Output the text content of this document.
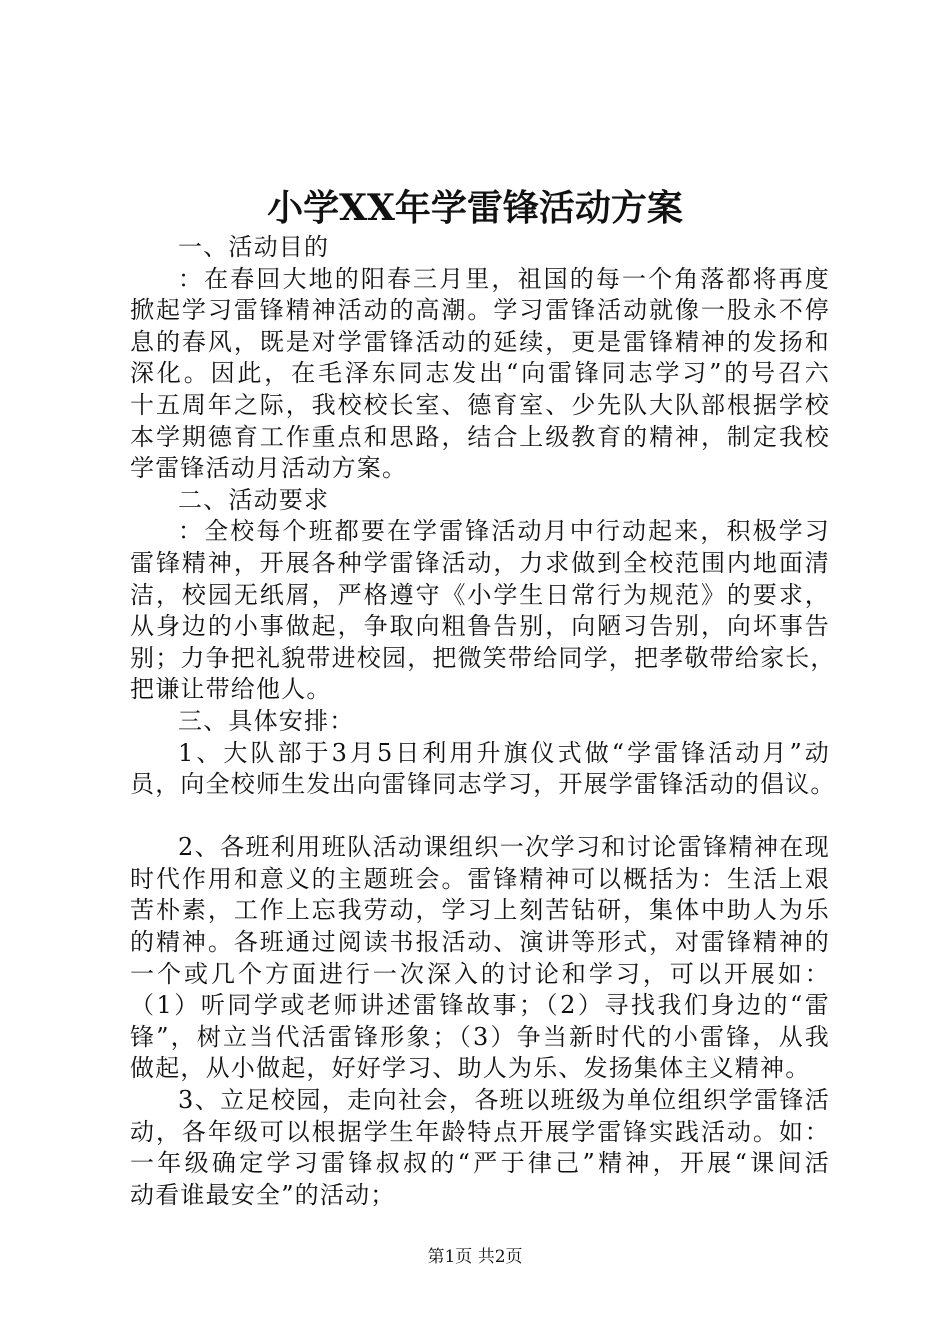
小学XX年学雷锋活动方案
一、活动目的
：在春回大地的阳春三月里，祖国的每一个角落都将再度
掀起学习雷锋精神活动的高潮。学习雷锋活动就像一股永不停
息的春风，既是对学雷锋活动的延续，更是雷锋精神的发扬和
深化。因此，在毛泽东同志发出“向雷锋同志学习”的号召六
十五周年之际，我校校长室、德育室、少先队大队部根据学校
本学期德育工作重点和思路，结合上级教育的精神，制定我校
学雷锋活动月活动方案。
二、活动要求
：全校每个班都要在学雷锋活动月中行动起来，积极学习
雷锋精神，开展各种学雷锋活动，力求做到全校范围内地面清
洁，校园无纸屑，严格遵守《小学生日常行为规范》的要求，
从身边的小事做起，争取向粗鲁告别，向陋习告别，向坏事告
别；力争把礼貌带进校园，把微笑带给同学，把孝敬带给家长，
把谦让带给他人。
三、具体安排：
1、大队部于3月5日利用升旗仪式做“学雷锋活动月”动
员，向全校师生发出向雷锋同志学习，开展学雷锋活动的倡议。
2、各班利用班队活动课组织一次学习和讨论雷锋精神在现
时代作用和意义的主题班会。雷锋精神可以概括为：生活上艰
苦朴素，工作上忘我劳动，学习上刻苦钻研，集体中助人为乐
的精神。各班通过阅读书报活动、演讲等形式，对雷锋精神的
一个或几个方面进行一次深入的讨论和学习，可以开展如：
（1）听同学或老师讲述雷锋故事；（2）寻找我们身边的“雷
锋”，树立当代活雷锋形象；（3）争当新时代的小雷锋，从我
做起，从小做起，好好学习、助人为乐、发扬集体主义精神。
3、立足校园，走向社会，各班以班级为单位组织学雷锋活
动，各年级可以根据学生年龄特点开展学雷锋实践活动。如：
一年级确定学习雷锋叔叔的“严于律己”精神，开展“课间活
动看谁最安全”的活动；
第1页 共2页
